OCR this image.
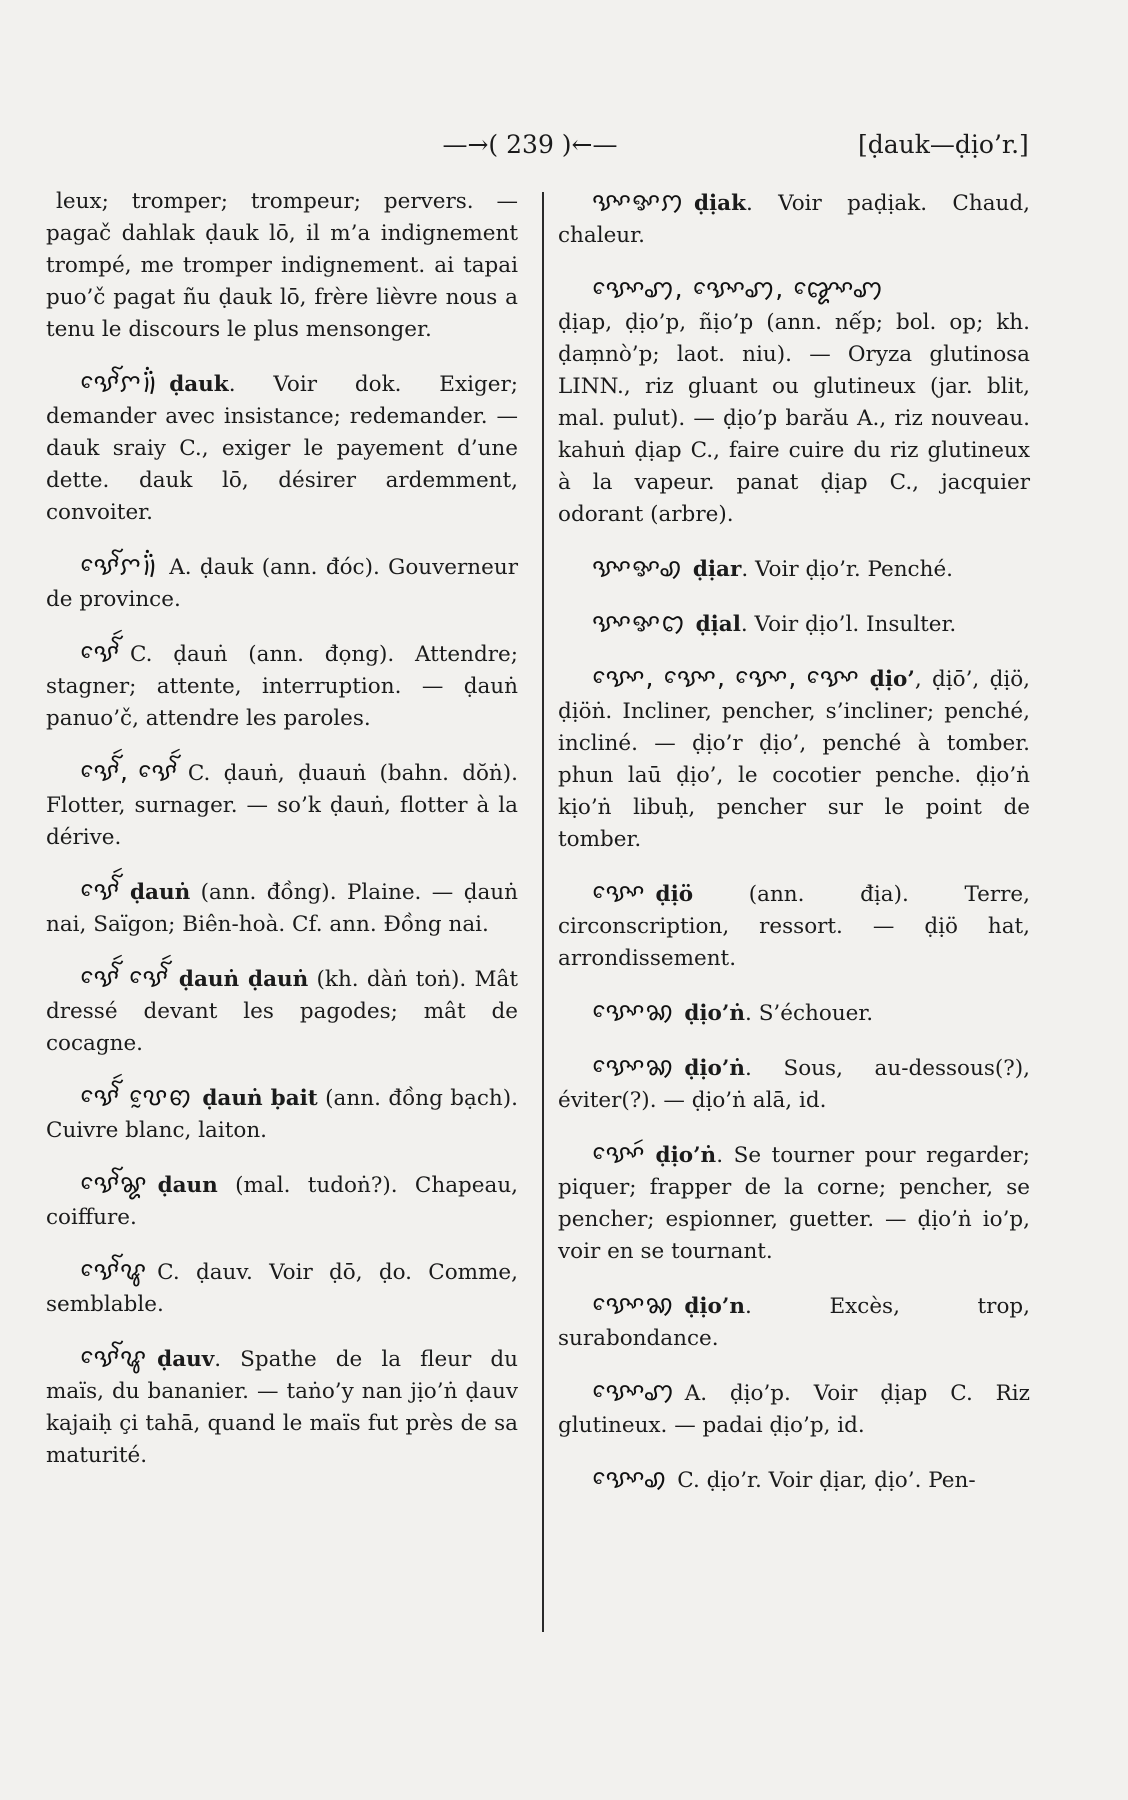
—→( 239 )←—	[ḍauk—ḍịo’r.]

leux; tromper; trompeur; pervers. — pagač dahlak ḍauk lō, il m’a indignement trompé, me tromper indignement. ai tapai puo’č pagat ñu ḍauk lō, frère lièvre nous a tenu le discours le plus mensonger.

ꨕꨯꨱꨆ꩞ ḍauk. Voir dok. Exiger; demander avec insistance; redemander. — dauk sraiy C., exiger le payement d’une dette. dauk lō, désirer ardemment, convoiter.

ꨕꨯꨱꨆ꩞ A. ḍauk (ann. đóc). Gouverneur de province.

ꨕꨯꨱꩃ C. ḍauṅ (ann. đọng). Attendre; stagner; attente, interruption. — ḍauṅ panuo’č, attendre les paroles.

ꨕꨯꨱꩃ, ꨕꨯꨱꩃ C. ḍauṅ, ḍuauṅ (bahn. dŏṅ). Flotter, surnager. — so’k ḍauṅ, flotter à la dérive.

ꨕꨯꨱꩃ ḍauṅ (ann. đồng). Plaine. — ḍauṅ nai, Saïgon; Biên-hoà. Cf. ann. Đồng nai.

ꨕꨯꨱꩃ ꨕꨯꨱꩃ ḍauṅ ḍauṅ (kh. dàṅ toṅ). Mât dressé devant les pagodes; mât de cocagne.

ꨕꨯꨱꩃ ꨝꨰꩅ ḍauṅ ḅait (ann. đồng bạch). Cuivre blanc, laiton.

ꨕꨯꨱꨘ ḍaun (mal. tudoṅ?). Chapeau, coiffure.

ꨕꨯꨱꨥ C. ḍauv. Voir ḍō, ḍo. Comme, semblable.

ꨕꨯꨱꨥ ḍauv. Spathe de la fleur du maïs, du bananier. — taṅo’y nan jịo’ṅ ḍauv kajaiḥ çi tahā, quand le maïs fut près de sa maturité.

ꨕꨳꨀꩀ ḍịak. Voir paḍịak. Chaud, chaleur.

ꨕꨳꨯꩇ, ꨕꨳꨯꩇ, ꨑꨳꨯꩇ
ḍịap, ḍịo’p, ñịo’p (ann. nếp; bol. op; kh. ḍaṃnò’p; laot. niu). — Oryza glutinosa LINN., riz gluant ou glutineux (jar. blit, mal. pulut). — ḍịo’p barău A., riz nouveau. kahuṅ ḍịap C., faire cuire du riz glutineux à la vapeur. panat ḍịap C., jacquier odorant (arbre).

ꨕꨳꨀꩉ ḍịar. Voir ḍịo’r. Penché.

ꨕꨳꨀꩊ ḍịal. Voir ḍịo’l. Insulter.

ꨕꨳꨯ, ꨕꨳꨯ, ꨕꨳꨯ, ꨕꨳꨯ ḍịo’, ḍịō’, ḍịö, ḍịöṅ. Incliner, pencher, s’incliner; penché, incliné. — ḍịo’r ḍịo’, penché à tomber. phun laū ḍịo’, le cocotier penche. ḍịo’ṅ kịo’ṅ libuḥ, pencher sur le point de tomber.

ꨕꨳꨯ ḍịö (ann. địa). Terre, circonscription, ressort. — ḍịö hat, arrondissement.

ꨕꨳꨯꩆ ḍịo’ṅ. S’échouer.

ꨕꨳꨯꩆ ḍịo’ṅ. Sous, au-dessous(?), éviter(?). — ḍịo’ṅ alā, id.

ꨕꨳꨯꩃ ḍịo’ṅ. Se tourner pour regarder; piquer; frapper de la corne; pencher, se pencher; espionner, guetter. — ḍịo’ṅ io’p, voir en se tournant.

ꨕꨳꨯꩆ ḍịo’n. Excès, trop, surabondance.

ꨕꨳꨯꩇ A. ḍịo’p. Voir ḍịap C. Riz glutineux. — padai ḍịo’p, id.

ꨕꨳꨯꩉ C. ḍịo’r. Voir ḍịar, ḍịo’. Pen-
